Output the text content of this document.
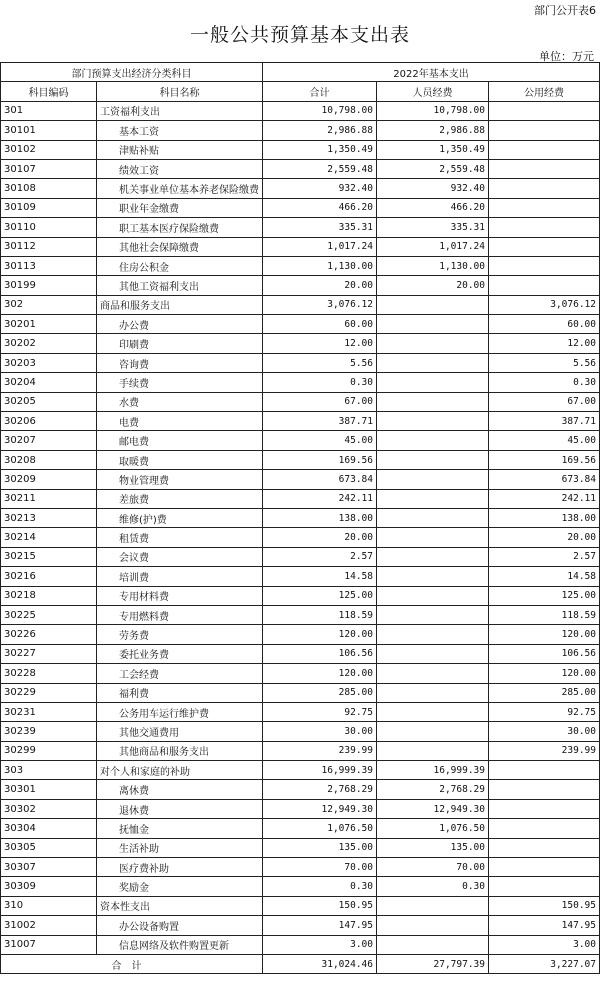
部门公开表6
一般公共预算基本支出表
单位：万元
部门预算支出经济分类科目		2022年基本支出		
科目编码	科目名称	合计	人员经费	公用经费
301	工资福利支出	10,798.00	10,798.00	
30101	基本工资	2,986.88	2,986.88	
30102	津贴补贴	1,350.49	1,350.49	
30107	绩效工资	2,559.48	2,559.48	
30108	机关事业单位基本养老保险缴费	932.40	932.40	
30109	职业年金缴费	466.20	466.20	
30110	职工基本医疗保险缴费	335.31	335.31	
30112	其他社会保障缴费	1,017.24	1,017.24	
30113	住房公积金	1,130.00	1,130.00	
30199	其他工资福利支出	20.00	20.00	
302	商品和服务支出	3,076.12		3,076.12
30201	办公费	60.00		60.00
30202	印刷费	12.00		12.00
30203	咨询费	5.56		5.56
30204	手续费	0.30		0.30
30205	水费	67.00		67.00
30206	电费	387.71		387.71
30207	邮电费	45.00		45.00
30208	取暖费	169.56		169.56
30209	物业管理费	673.84		673.84
30211	差旅费	242.11		242.11
30213	维修(护)费	138.00		138.00
30214	租赁费	20.00		20.00
30215	会议费	2.57		2.57
30216	培训费	14.58		14.58
30218	专用材料费	125.00		125.00
30225	专用燃料费	118.59		118.59
30226	劳务费	120.00		120.00
30227	委托业务费	106.56		106.56
30228	工会经费	120.00		120.00
30229	福利费	285.00		285.00
30231	公务用车运行维护费	92.75		92.75
30239	其他交通费用	30.00		30.00
30299	其他商品和服务支出	239.99		239.99
303	对个人和家庭的补助	16,999.39	16,999.39	
30301	离休费	2,768.29	2,768.29	
30302	退休费	12,949.30	12,949.30	
30304	抚恤金	1,076.50	1,076.50	
30305	生活补助	135.00	135.00	
30307	医疗费补助	70.00	70.00	
30309	奖励金	0.30	0.30	
310	资本性支出	150.95		150.95
31002	办公设备购置	147.95		147.95
31007	信息网络及软件购置更新	3.00		3.00
合计		31,024.46	27,797.39	3,227.07
